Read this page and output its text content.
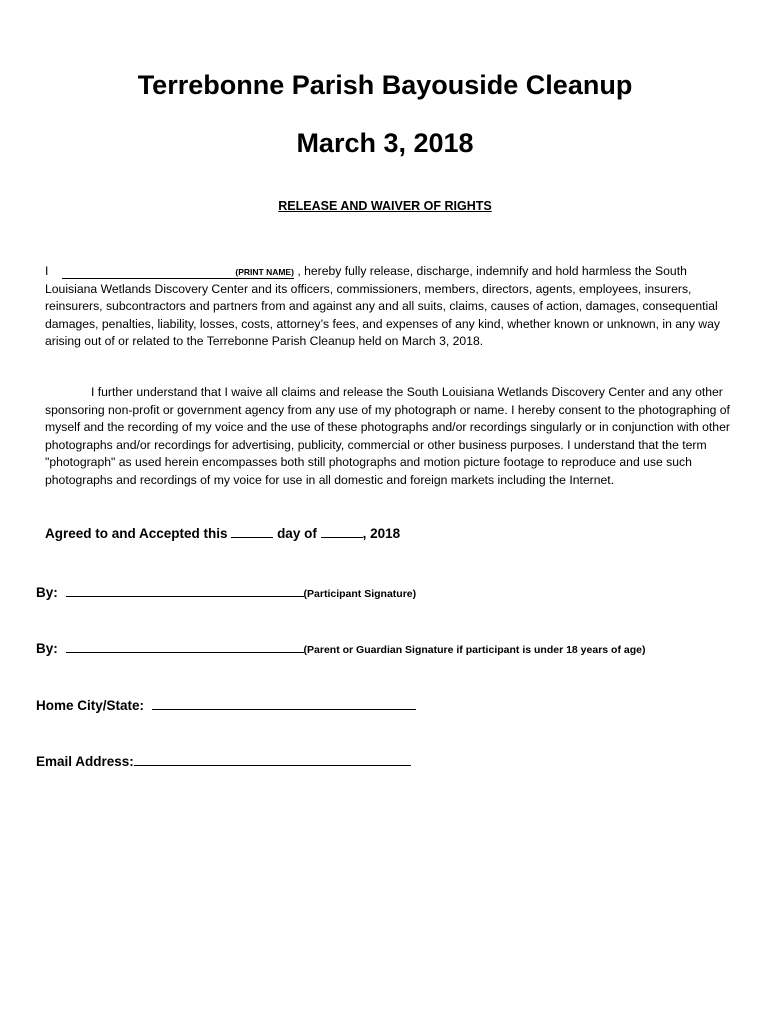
Terrebonne Parish Bayouside Cleanup
March 3, 2018
RELEASE AND WAIVER OF RIGHTS
I	(PRINT NAME) , hereby fully release, discharge, indemnify and hold harmless the South Louisiana Wetlands Discovery Center and its officers, commissioners, members, directors, agents, employees, insurers, reinsurers, subcontractors and partners from and against any and all suits, claims, causes of action, damages, consequential damages, penalties, liability, losses, costs, attorney’s fees, and expenses of any kind, whether known or unknown, in any way arising out of or related to the Terrebonne Parish Cleanup held on March 3, 2018.
I further understand that I waive all claims and release the South Louisiana Wetlands Discovery Center and any other sponsoring non-profit or government agency from any use of my photograph or name. I hereby consent to the photographing of myself and the recording of my voice and the use of these photographs and/or recordings singularly or in conjunction with other photographs and/or recordings for advertising, publicity, commercial or other business purposes. I understand that the term "photograph" as used herein encompasses both still photographs and motion picture footage to reproduce and use such photographs and recordings of my voice for use in all domestic and foreign markets including the Internet.
Agreed to and Accepted this	day of	, 2018
By:	(Participant Signature)
By:	(Parent or Guardian Signature if participant is under 18 years of age)
Home City/State:
Email Address:
